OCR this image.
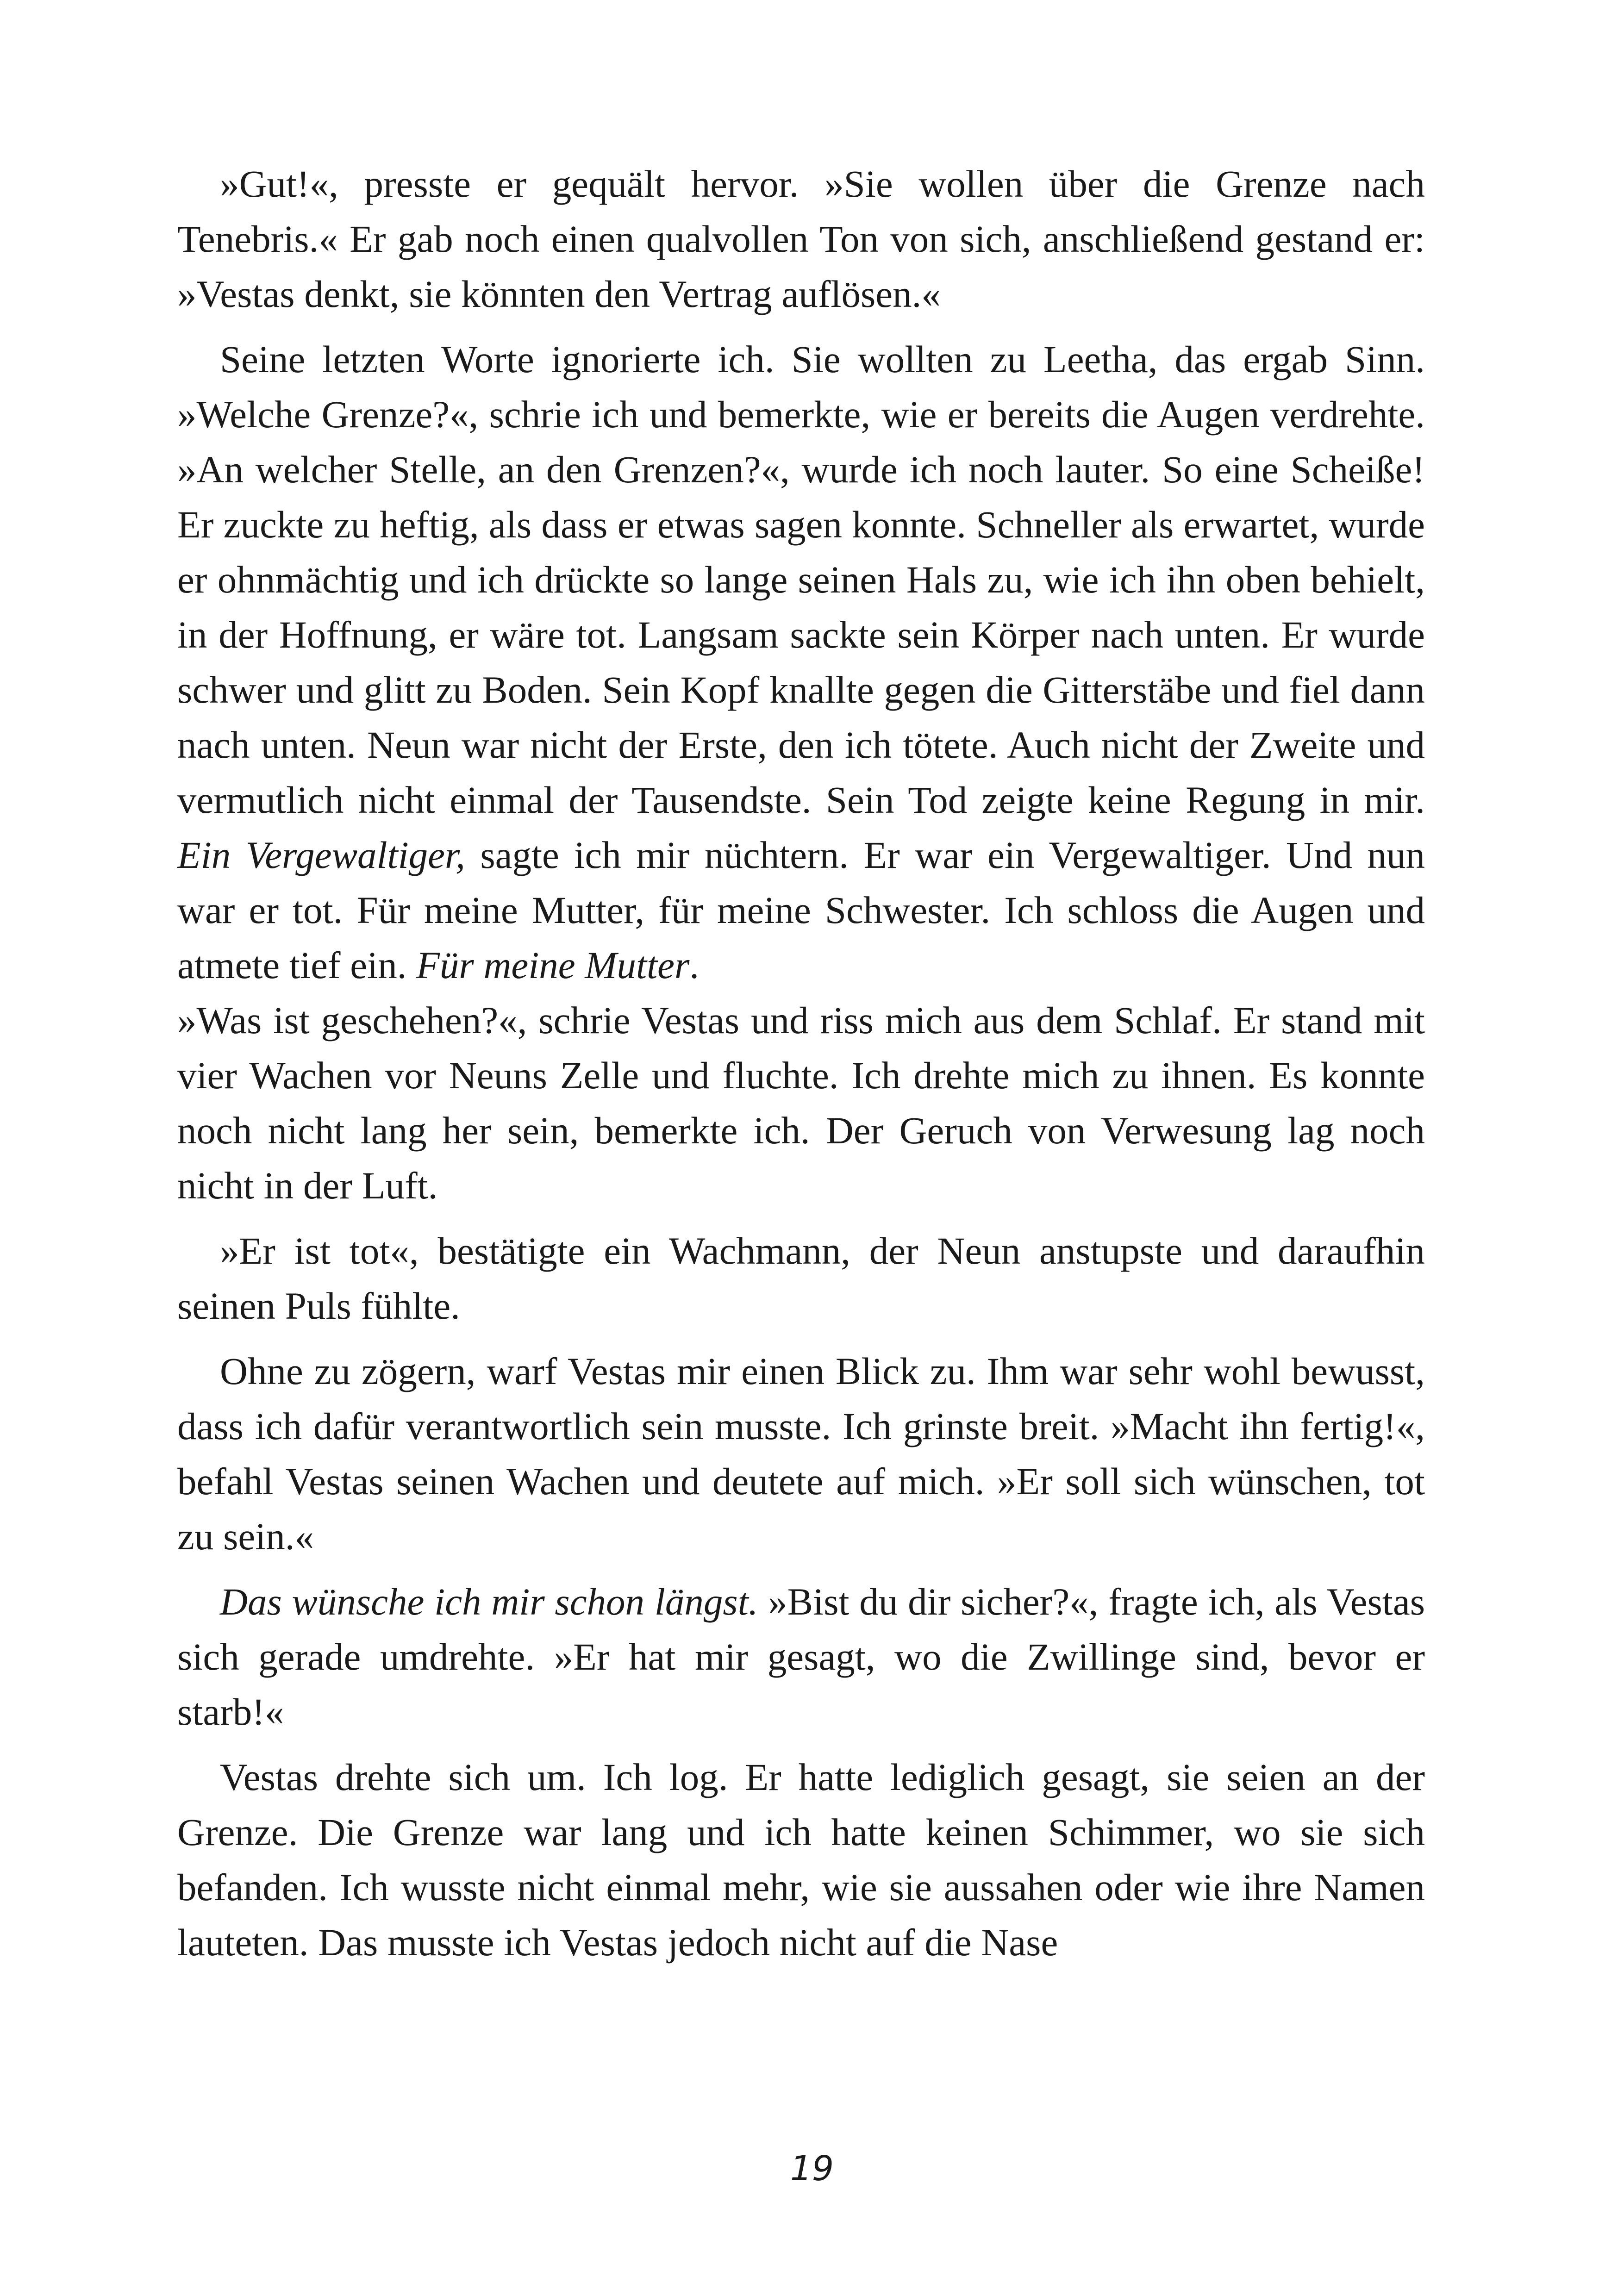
»Gut!«, presste er gequält hervor. »Sie wollen über die Grenze nach Tenebris.« Er gab noch einen qualvollen Ton von sich, anschließend gestand er: »Vestas denkt, sie könnten den Vertrag auflösen.«

Seine letzten Worte ignorierte ich. Sie wollten zu Leetha, das ergab Sinn. »Welche Grenze?«, schrie ich und bemerkte, wie er bereits die Augen verdrehte. »An welcher Stelle, an den Grenzen?«, wurde ich noch lauter. So eine Scheiße! Er zuckte zu heftig, als dass er etwas sagen konnte. Schneller als erwartet, wurde er ohnmächtig und ich drückte so lange seinen Hals zu, wie ich ihn oben behielt, in der Hoffnung, er wäre tot. Langsam sackte sein Körper nach unten. Er wurde schwer und glitt zu Boden. Sein Kopf knallte gegen die Gitterstäbe und fiel dann nach unten. Neun war nicht der Erste, den ich tötete. Auch nicht der Zweite und vermutlich nicht einmal der Tausendste. Sein Tod zeigte keine Regung in mir. Ein Vergewaltiger, sagte ich mir nüchtern. Er war ein Vergewaltiger. Und nun war er tot. Für meine Mutter, für meine Schwester. Ich schloss die Augen und atmete tief ein. Für meine Mutter.

»Was ist geschehen?«, schrie Vestas und riss mich aus dem Schlaf. Er stand mit vier Wachen vor Neuns Zelle und fluchte. Ich drehte mich zu ihnen. Es konnte noch nicht lang her sein, bemerkte ich. Der Geruch von Verwesung lag noch nicht in der Luft.

»Er ist tot«, bestätigte ein Wachmann, der Neun anstupste und daraufhin seinen Puls fühlte.

Ohne zu zögern, warf Vestas mir einen Blick zu. Ihm war sehr wohl bewusst, dass ich dafür verantwortlich sein musste. Ich grinste breit. »Macht ihn fertig!«, befahl Vestas seinen Wachen und deutete auf mich. »Er soll sich wünschen, tot zu sein.«

Das wünsche ich mir schon längst. »Bist du dir sicher?«, fragte ich, als Vestas sich gerade umdrehte. »Er hat mir gesagt, wo die Zwillinge sind, bevor er starb!«

Vestas drehte sich um. Ich log. Er hatte lediglich gesagt, sie seien an der Grenze. Die Grenze war lang und ich hatte keinen Schimmer, wo sie sich befanden. Ich wusste nicht einmal mehr, wie sie aussahen oder wie ihre Namen lauteten. Das musste ich Vestas jedoch nicht auf die Nase

19
